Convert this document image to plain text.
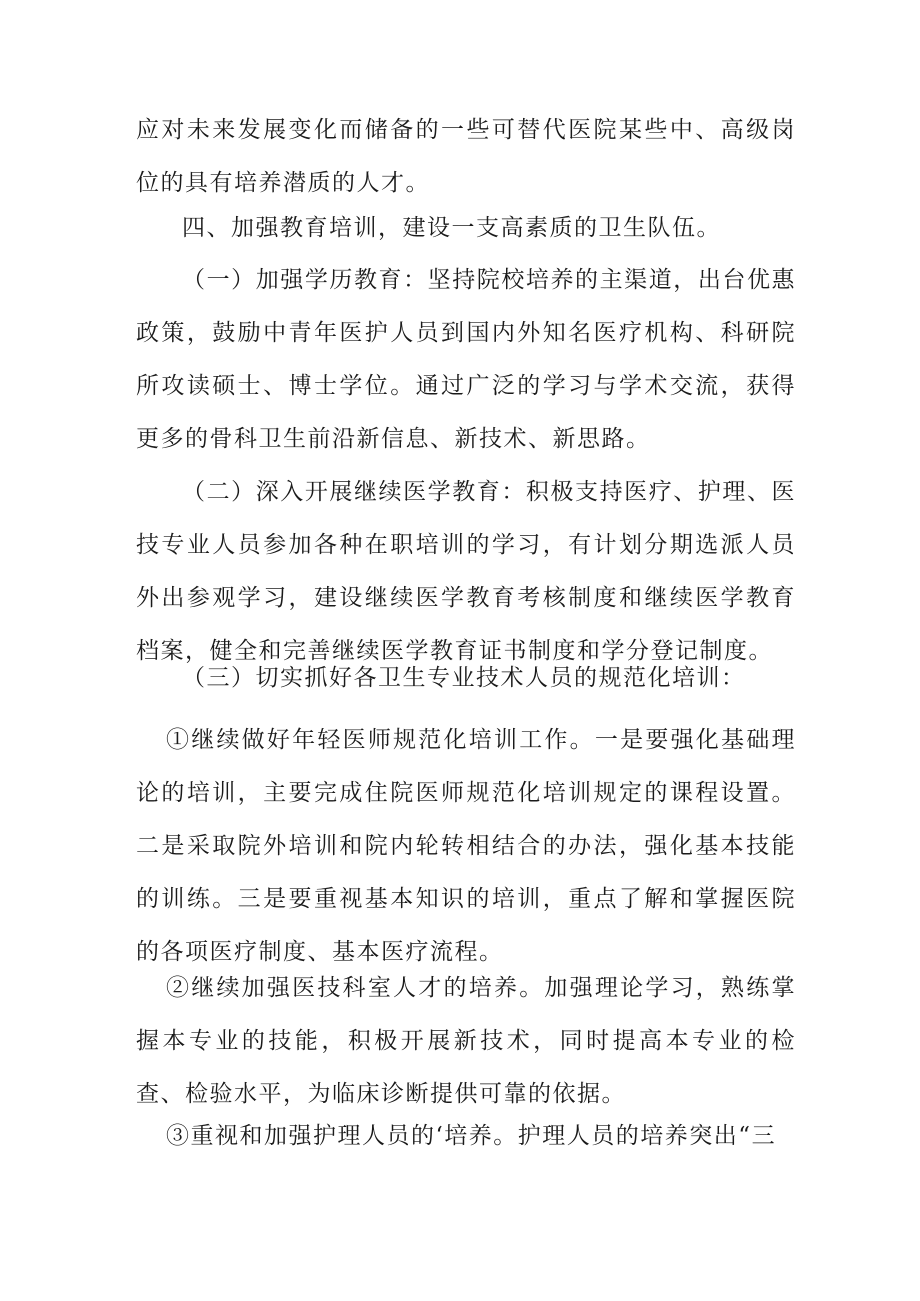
应对未来发展变化而储备的一些可替代医院某些中、高级岗位的具有培养潜质的人才。

四、加强教育培训，建设一支高素质的卫生队伍。

（一）加强学历教育：坚持院校培养的主渠道，出台优惠政策，鼓励中青年医护人员到国内外知名医疗机构、科研院所攻读硕士、博士学位。通过广泛的学习与学术交流，获得更多的骨科卫生前沿新信息、新技术、新思路。

（二）深入开展继续医学教育：积极支持医疗、护理、医技专业人员参加各种在职培训的学习，有计划分期选派人员外出参观学习，建设继续医学教育考核制度和继续医学教育档案，健全和完善继续医学教育证书制度和学分登记制度。

（三）切实抓好各卫生专业技术人员的规范化培训：

①继续做好年轻医师规范化培训工作。一是要强化基础理论的培训，主要完成住院医师规范化培训规定的课程设置。二是采取院外培训和院内轮转相结合的办法，强化基本技能的训练。三是要重视基本知识的培训，重点了解和掌握医院的各项医疗制度、基本医疗流程。

②继续加强医技科室人才的培养。加强理论学习，熟练掌握本专业的技能，积极开展新技术，同时提高本专业的检查、检验水平，为临床诊断提供可靠的依据。

③重视和加强护理人员的‘培养。护理人员的培养突出“三
